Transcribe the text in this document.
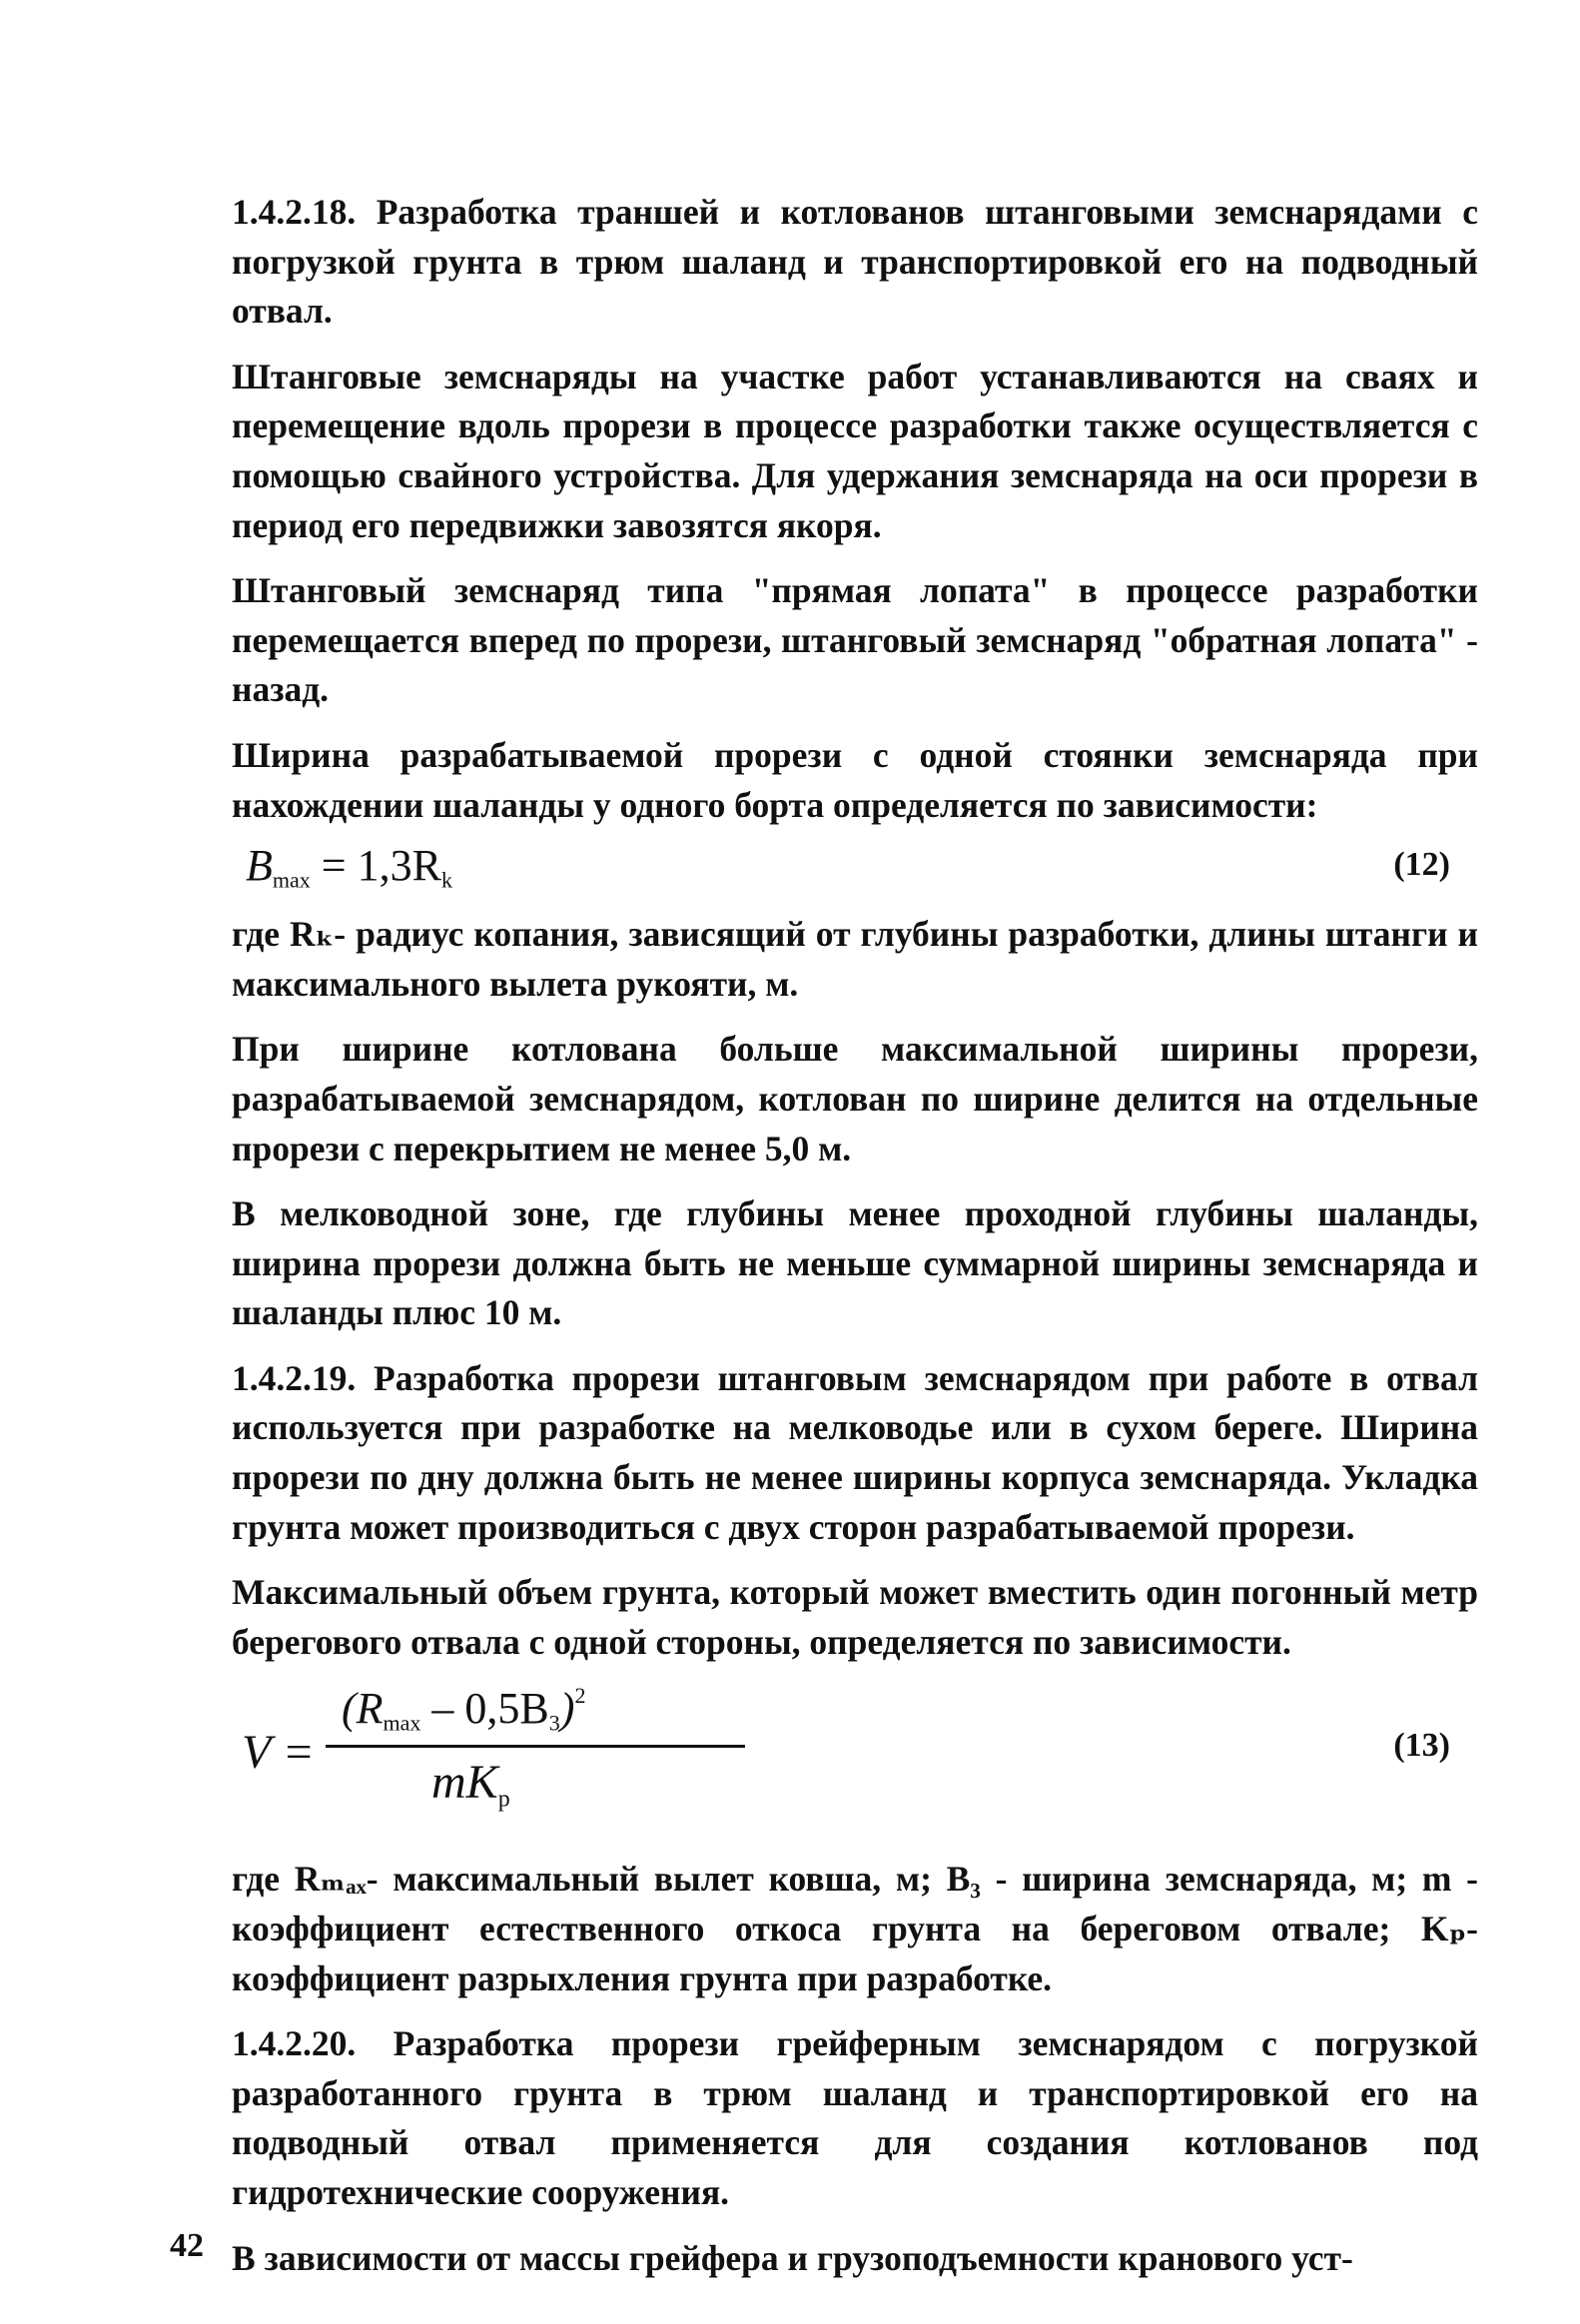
1.4.2.18. Разработка траншей и котлованов штанговыми земснарядами с погрузкой грунта в трюм шаланд и транспортировкой его на подводный отвал.

Штанговые земснаряды на участке работ устанавливаются на сваях и перемещение вдоль прорези в процессе разработки также осуществляется с помощью свайного устройства. Для удержания земснаряда на оси прорези в период его передвижки завозятся якоря.

Штанговый земснаряд типа "прямая лопата" в процессе разработки перемещается вперед по прорези, штанговый земснаряд "обратная лопата" - назад.

Ширина разрабатываемой прорези с одной стоянки земснаряда при нахождении шаланды у одного борта определяется по зависимости:

$B_{max} = 1,3R_k$	(12)

где Rₖ- радиус копания, зависящий от глубины разработки, длины штанги и максимального вылета рукояти, м.

При ширине котлована больше максимальной ширины прорези, разрабатываемой земснарядом, котлован по ширине делится на отдельные прорези с перекрытием не менее 5,0 м.

В мелководной зоне, где глубины менее проходной глубины шаланды, ширина прорези должна быть не меньше суммарной ширины земснаряда и шаланды плюс 10 м.

1.4.2.19. Разработка прорези штанговым земснарядом при работе в отвал используется при разработке на мелководье или в сухом береге. Ширина прорези по дну должна быть не менее ширины корпуса земснаряда. Укладка грунта может производиться с двух сторон разрабатываемой прорези.

Максимальный объем грунта, который может вместить один погонный метр берегового отвала с одной стороны, определяется по зависимости.

V =
$(R_{max} - 0,5B_3)^2$
$mK_p$
(13)

где Rₘₐₓ- максимальный вылет ковша, м; B₃ - ширина земснаряда, м; m - коэффициент естественного откоса грунта на береговом отвале; Kₚ- коэффициент разрыхления грунта при разработке.

1.4.2.20. Разработка прорези грейферным земснарядом с погрузкой разработанного грунта в трюм шаланд и транспортировкой его на подводный отвал применяется для создания котлованов под гидротехнические сооружения.

В зависимости от массы грейфера и грузоподъемности кранового уст-

42
